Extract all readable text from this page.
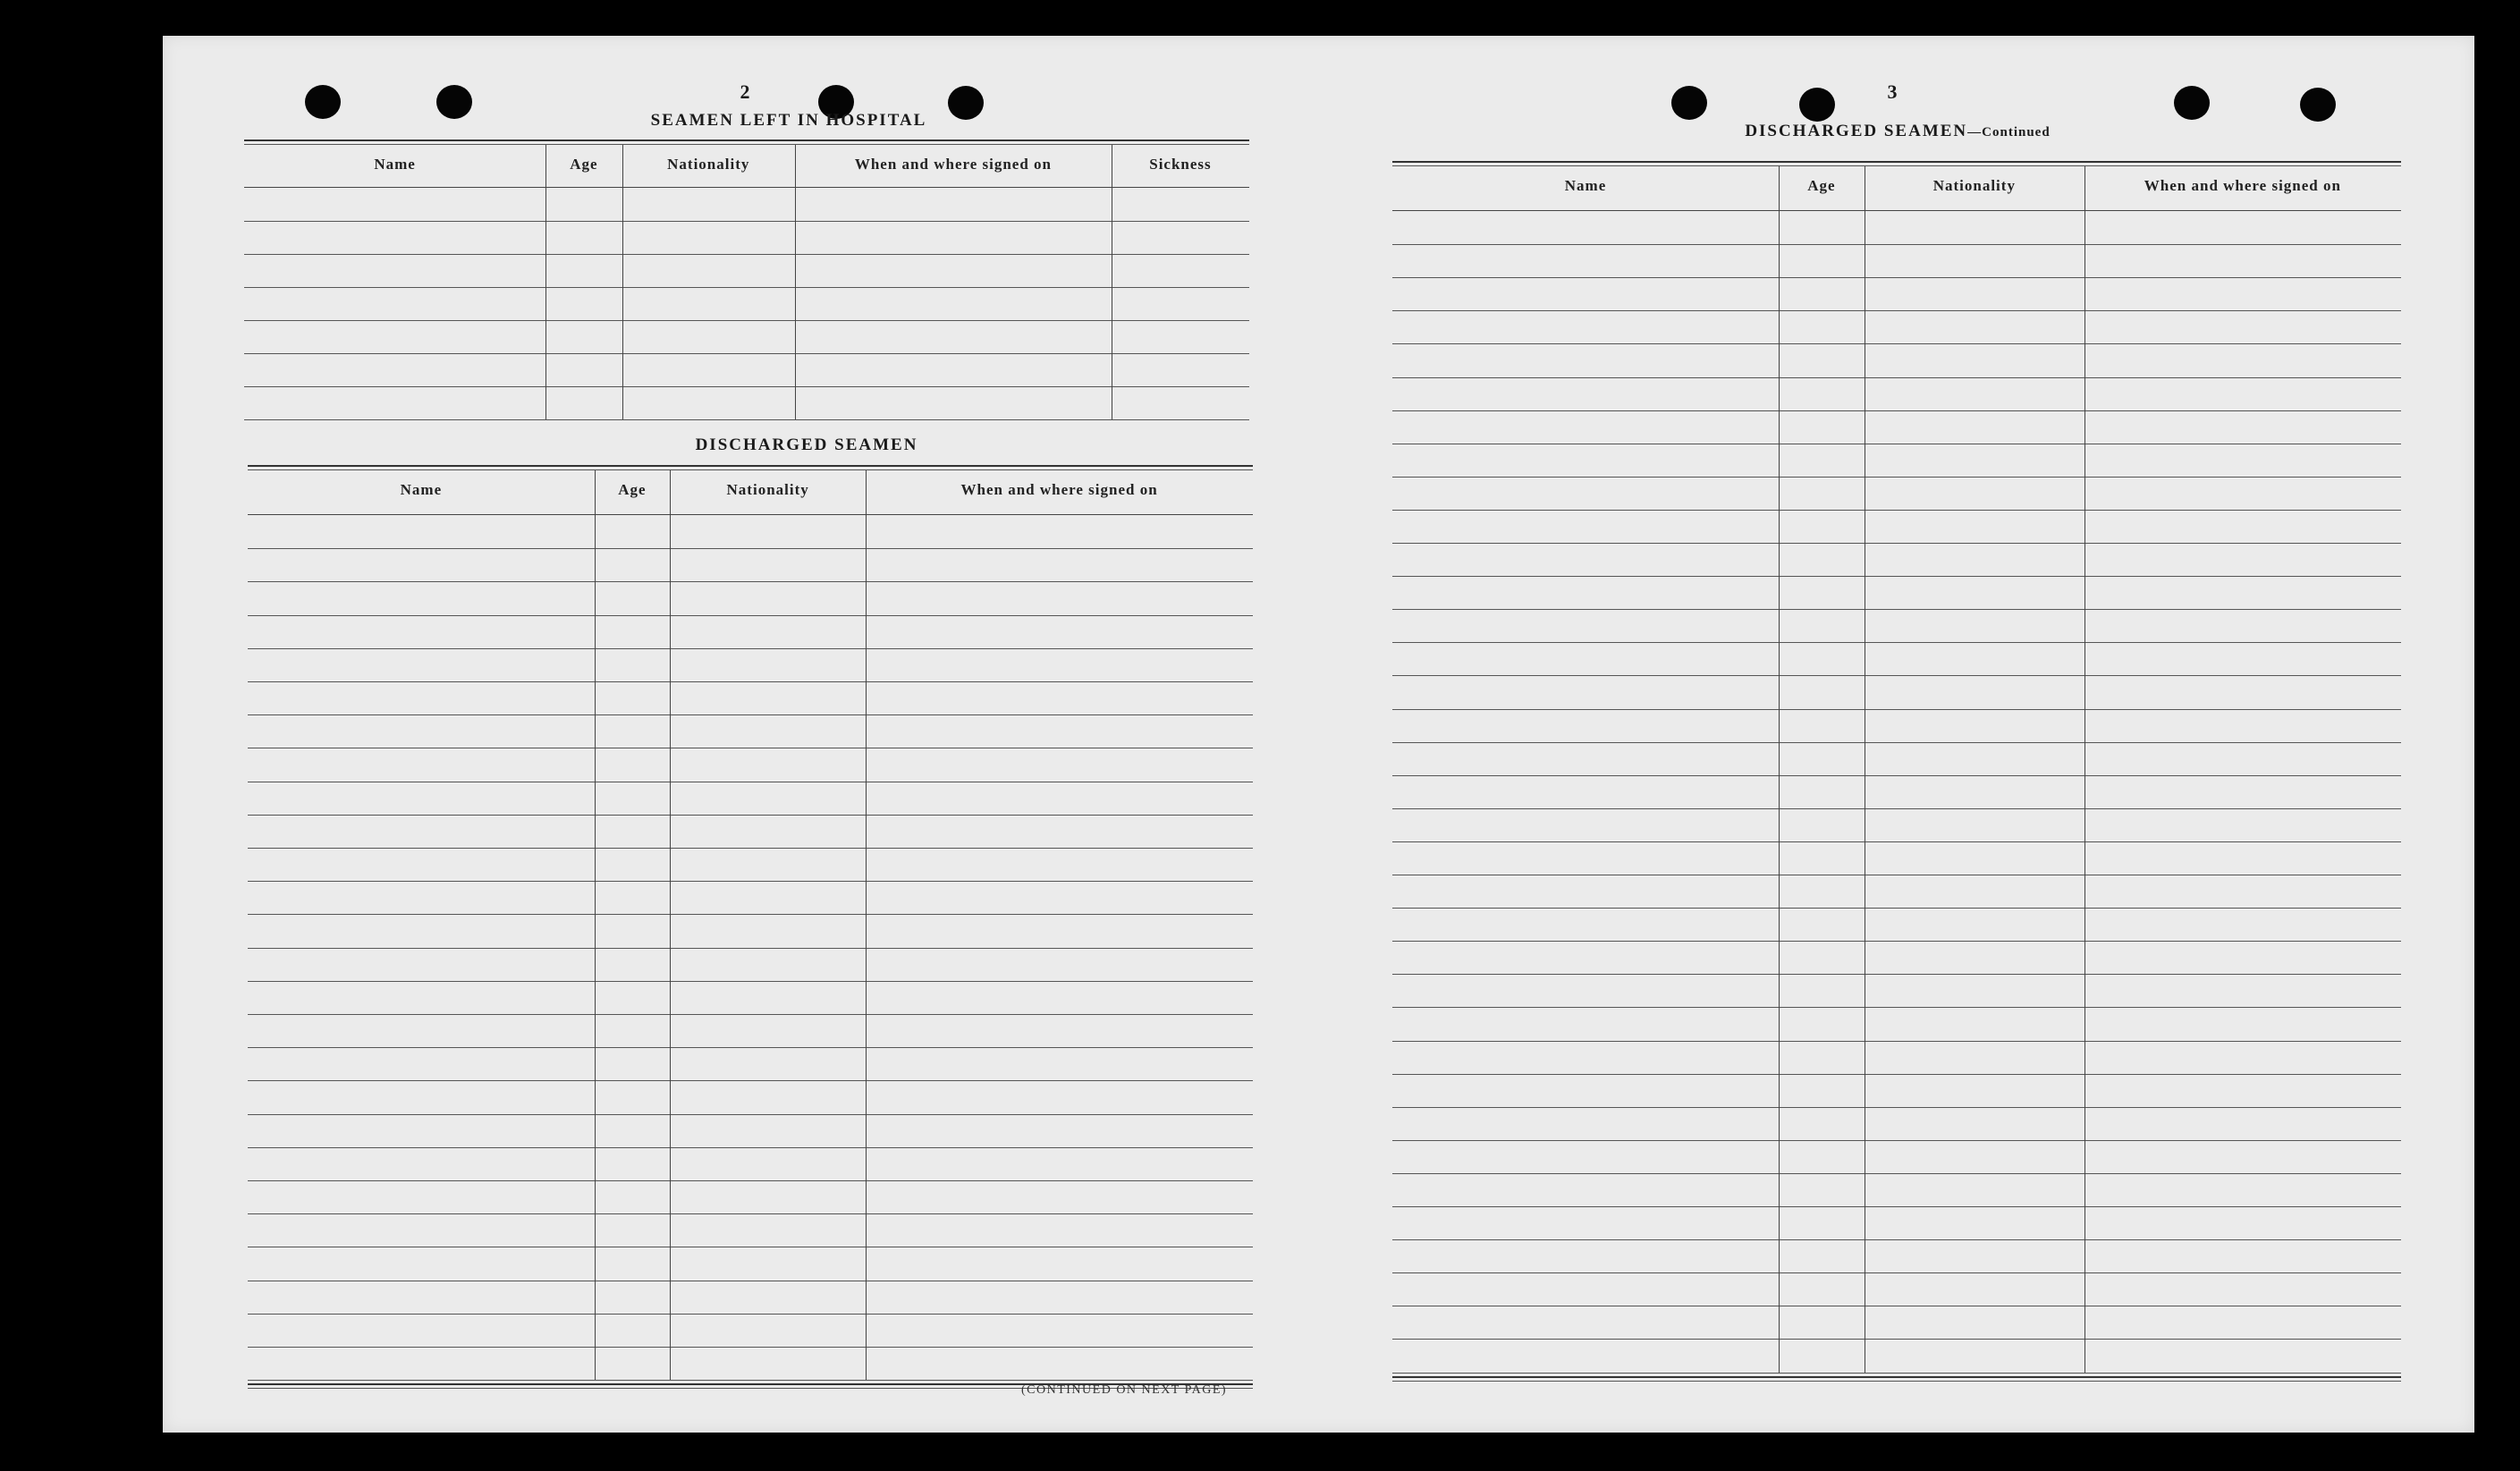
2
SEAMEN LEFT IN HOSPITAL
Name	Age	Nationality	When and where signed on	Sickness
DISCHARGED SEAMEN
Name	Age	Nationality	When and where signed on
(CONTINUED ON NEXT PAGE)
3
DISCHARGED SEAMEN—Continued
Name	Age	Nationality	When and where signed on
